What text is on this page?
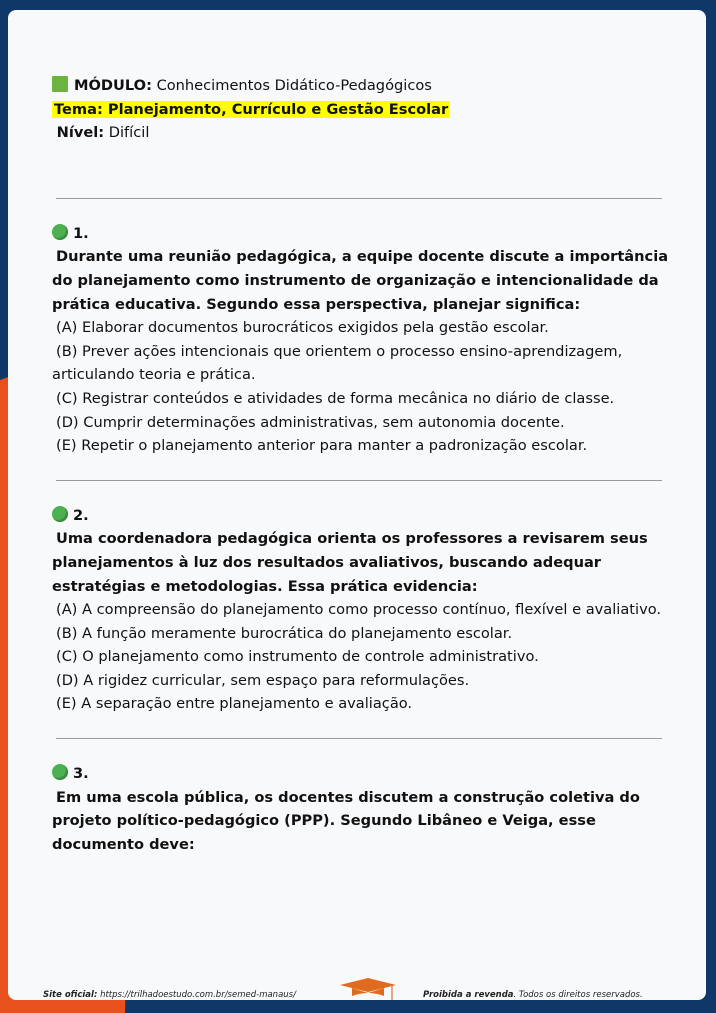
MÓDULO: Conhecimentos Didático-Pedagógicos
Tema: Planejamento, Currículo e Gestão Escolar
Nível: Difícil
1.
Durante uma reunião pedagógica, a equipe docente discute a importância do planejamento como instrumento de organização e intencionalidade da prática educativa. Segundo essa perspectiva, planejar significa:
(A) Elaborar documentos burocráticos exigidos pela gestão escolar.
(B) Prever ações intencionais que orientem o processo ensino-aprendizagem, articulando teoria e prática.
(C) Registrar conteúdos e atividades de forma mecânica no diário de classe.
(D) Cumprir determinações administrativas, sem autonomia docente.
(E) Repetir o planejamento anterior para manter a padronização escolar.
2.
Uma coordenadora pedagógica orienta os professores a revisarem seus planejamentos à luz dos resultados avaliativos, buscando adequar estratégias e metodologias. Essa prática evidencia:
(A) A compreensão do planejamento como processo contínuo, flexível e avaliativo.
(B) A função meramente burocrática do planejamento escolar.
(C) O planejamento como instrumento de controle administrativo.
(D) A rigidez curricular, sem espaço para reformulações.
(E) A separação entre planejamento e avaliação.
3.
Em uma escola pública, os docentes discutem a construção coletiva do projeto político-pedagógico (PPP). Segundo Libâneo e Veiga, esse documento deve:
Site oficial: https://trilhadoestudo.com.br/semed-manaus/	Proibida a revenda. Todos os direitos reservados.
